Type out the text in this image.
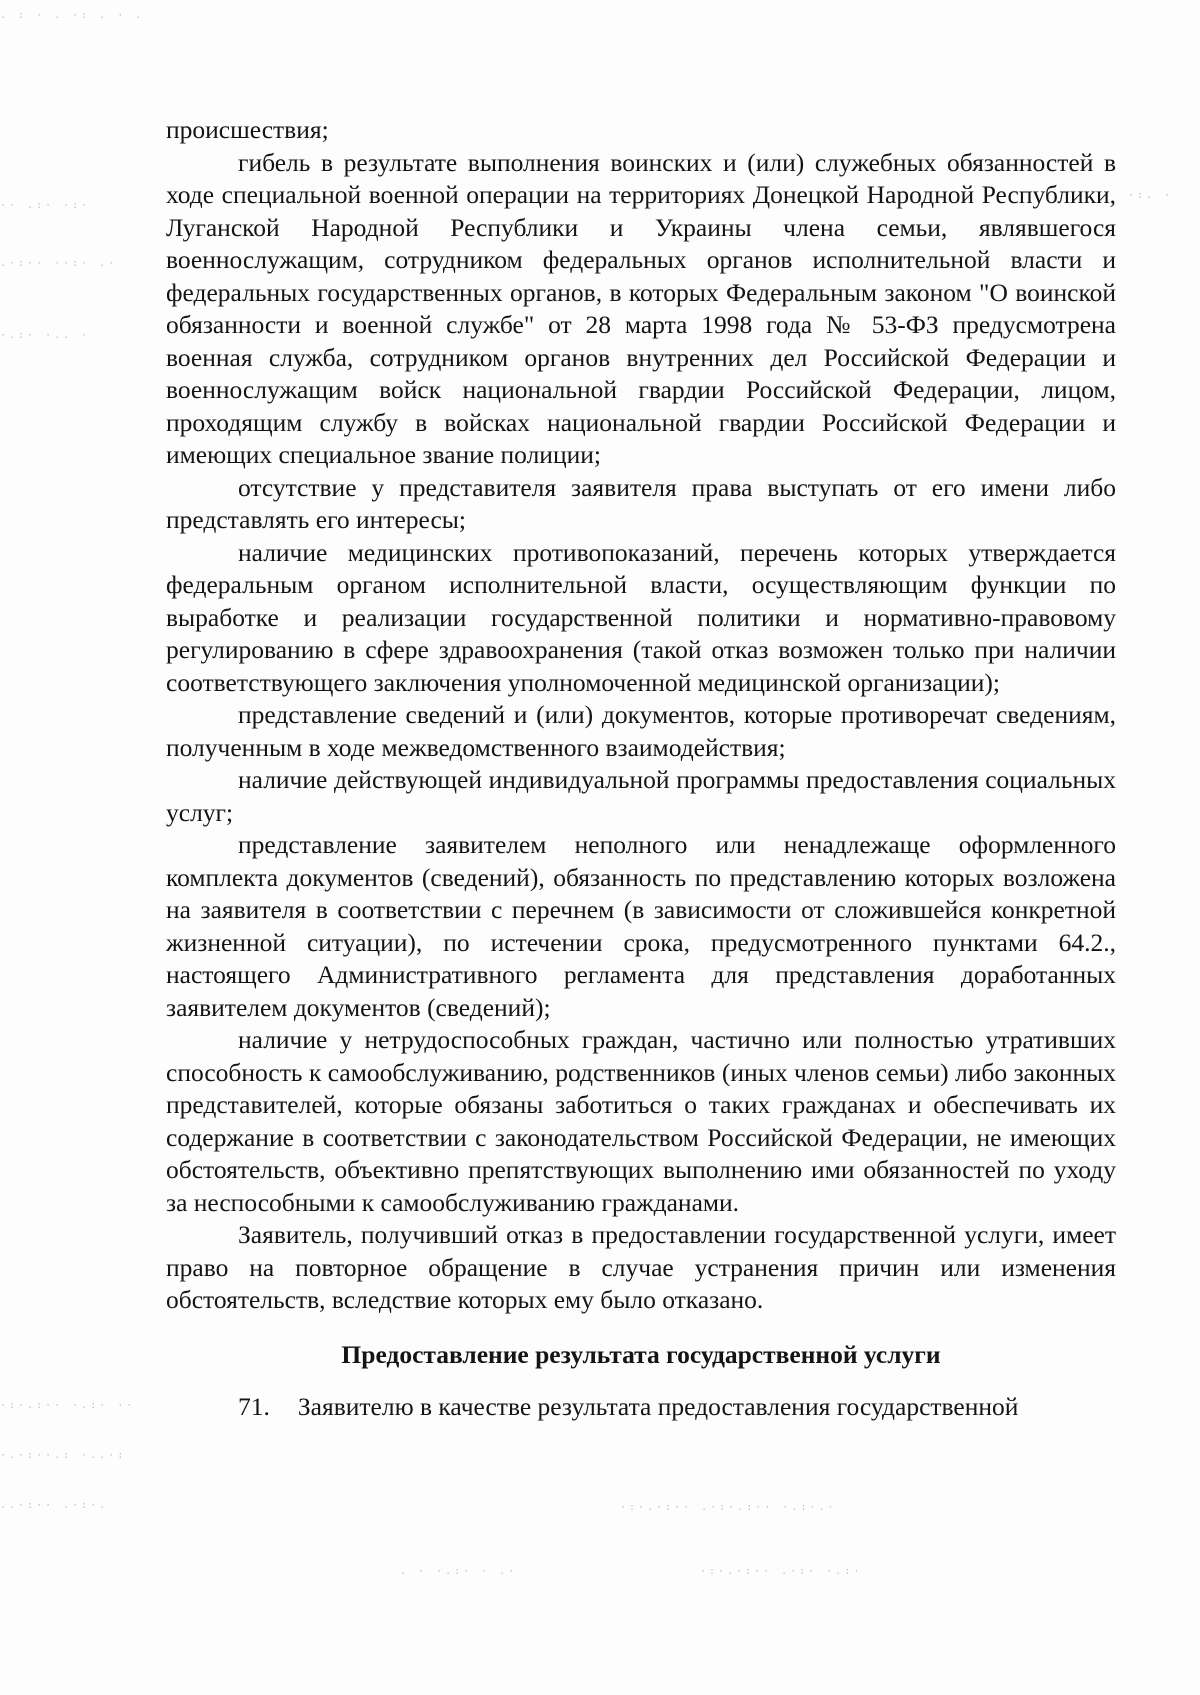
. : · . ·: . · .
·· .:· ·:·
.·:·· ··:· .·
·.:· ·.. ·
·:. ·
·:·.:·· ·.:· ··
·.·:··.: ·..·:
..·:·· .·:·.	·:·.·:·· .·:·.:·· ·.:·.·
. · ·.:· · .·	·:·.·:·· .·:· ·.:·

происшествия;

гибель в результате выполнения воинских и (или) служебных обязанностей в ходе специальной военной операции на территориях Донецкой Народной Республики, Луганской Народной Республики и Украины члена семьи, являвшегося военнослужащим, сотрудником федеральных органов исполнительной власти и федеральных государственных органов, в которых Федеральным законом "О воинской обязанности и военной службе" от 28 марта 1998 года № 53-ФЗ предусмотрена военная служба, сотрудником органов внутренних дел Российской Федерации и военнослужащим войск национальной гвардии Российской Федерации, лицом, проходящим службу в войсках национальной гвардии Российской Федерации и имеющих специальное звание полиции;

отсутствие у представителя заявителя права выступать от его имени либо представлять его интересы;

наличие медицинских противопоказаний, перечень которых утверждается федеральным органом исполнительной власти, осуществляющим функции по выработке и реализации государственной политики и нормативно-правовому регулированию в сфере здравоохранения (такой отказ возможен только при наличии соответствующего заключения уполномоченной медицинской организации);

представление сведений и (или) документов, которые противоречат сведениям, полученным в ходе межведомственного взаимодействия;

наличие действующей индивидуальной программы предоставления социальных услуг;

представление заявителем неполного или ненадлежаще оформленного комплекта документов (сведений), обязанность по представлению которых возложена на заявителя в соответствии с перечнем (в зависимости от сложившейся конкретной жизненной ситуации), по истечении срока, предусмотренного пунктами 64.2., настоящего Административного регламента для представления доработанных заявителем документов (сведений);

наличие у нетрудоспособных граждан, частично или полностью утративших способность к самообслуживанию, родственников (иных членов семьи) либо законных представителей, которые обязаны заботиться о таких гражданах и обеспечивать их содержание в соответствии с законодательством Российской Федерации, не имеющих обстоятельств, объективно препятствующих выполнению ими обязанностей по уходу за неспособными к самообслуживанию гражданами.

Заявитель, получивший отказ в предоставлении государственной услуги, имеет право на повторное обращение в случае устранения причин или изменения обстоятельств, вследствие которых ему было отказано.

Предоставление результата государственной услуги

71. Заявителю в качестве результата предоставления государственной
